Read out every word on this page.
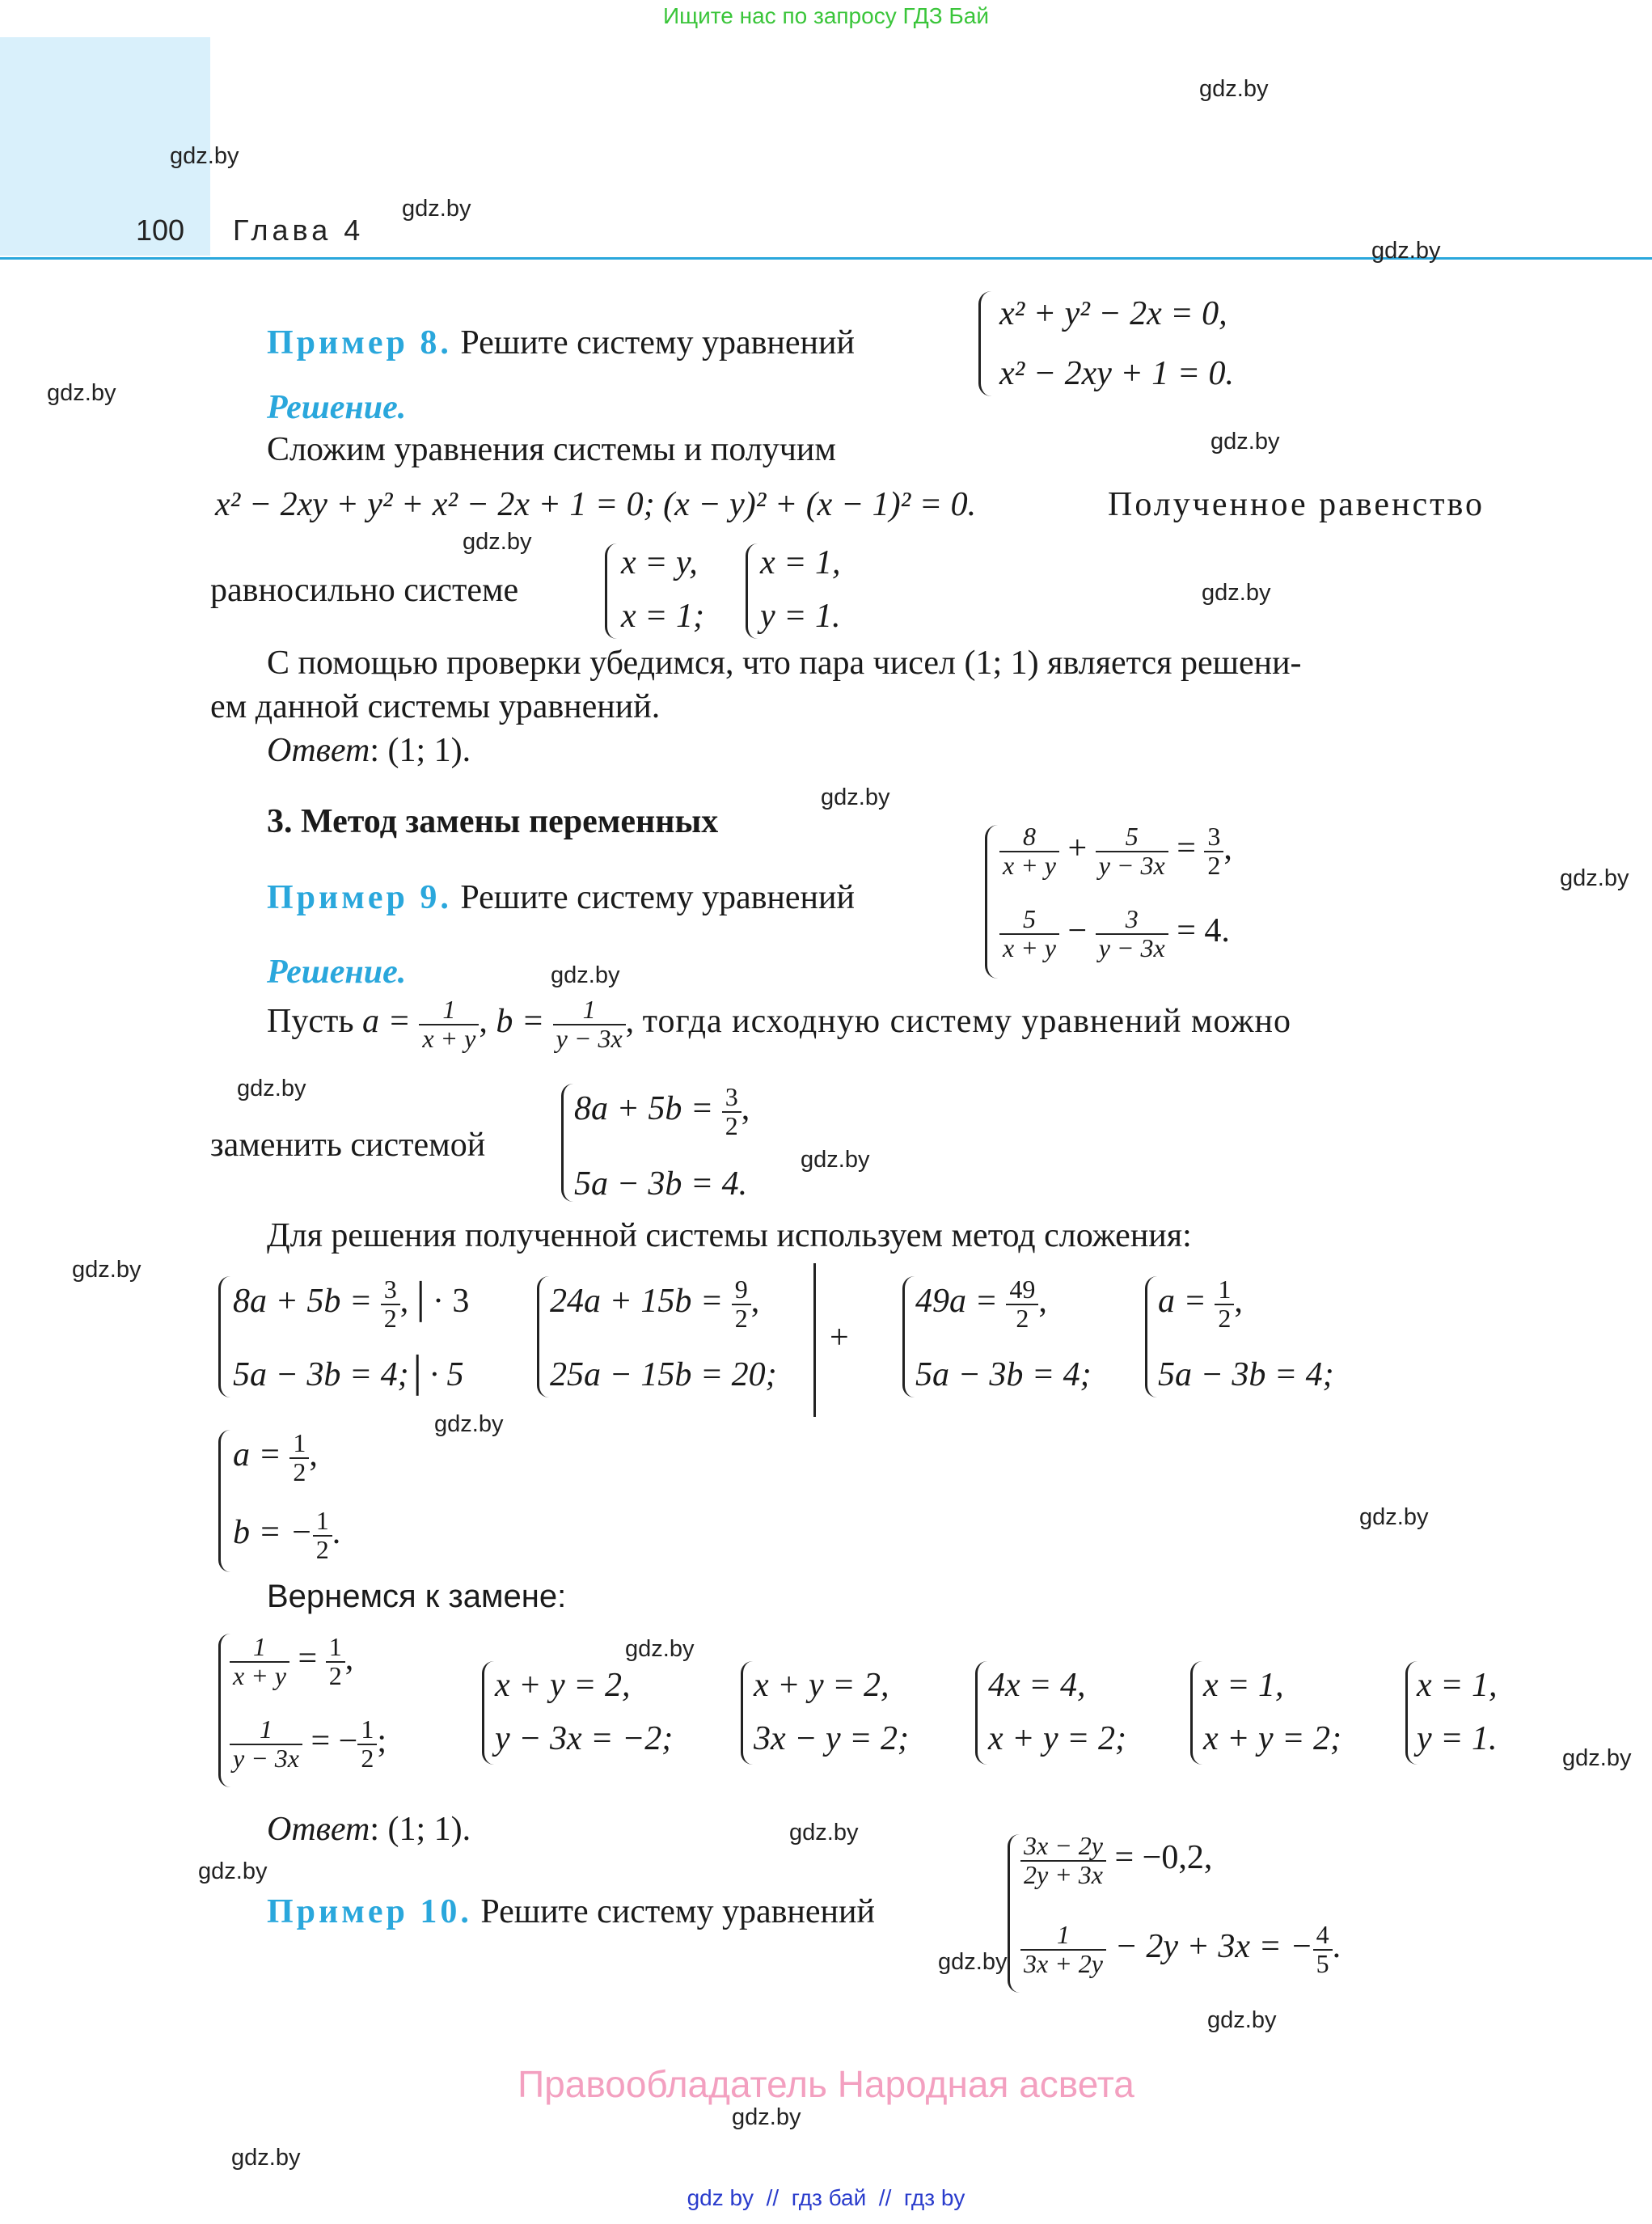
Ищите нас по запросу ГДЗ Бай
100 Глава 4
gdz.by
gdz.by
gdz.by
gdz.by
gdz.by
gdz.by
gdz.by
gdz.by
gdz.by
gdz.by
gdz.by
gdz.by
gdz.by
gdz.by
gdz.by
gdz.by
gdz.by
gdz.by
gdz.by
gdz.by
gdz.by
gdz.by
gdz.by
gdz.by
Пример 8. Решите систему уравнений
x² + y² − 2x = 0,
x² − 2xy + 1 = 0.
Решение.
Сложим уравнения системы и получим
x² − 2xy + y² + x² − 2x + 1 = 0; (x − y)² + (x − 1)² = 0.	Полученное равенство
равносильно системе
x = y,
x = 1;
x = 1,
y = 1.
С помощью проверки убедимся, что пара чисел (1; 1) является решени-
ем данной системы уравнений.
Ответ: (1; 1).
3. Метод замены переменных
Пример 9. Решите систему уравнений
$\frac{8}{x + y} + \frac{5}{y - 3x} = \frac{3}{2}$ ,
$\frac{5}{x + y} - \frac{3}{y - 3x} = 4$.
Решение.
Пусть $a = \frac{1}{x + y}$ , $b = \frac{1}{y - 3x}$ , тогда исходную систему уравнений можно
заменить системой
$8a + 5b = \frac{3}{2}$ ,
5a − 3b = 4.
Для решения полученной системы используем метод сложения:
$8a + 5b = \frac{3}{2}$ ,│· 3
5a − 3b = 4;│· 5
$24a + 15b = \frac{9}{2}$ ,
25a − 15b = 20;
+
$49a = \frac{49}{2}$ ,
5a − 3b = 4;
$a = \frac{1}{2}$ ,
5a − 3b = 4;
$a = \frac{1}{2}$ ,
b = − $\frac{1}{2}$ .
Вернемся к замене:
$\frac{1}{x + y} = \frac{1}{2}$ ,
$\frac{1}{y - 3x}$ = − $\frac{1}{2}$ ;
x + y = 2,
y − 3x = −2;
x + y = 2,
3x − y = 2;
4x = 4,
x + y = 2;
x = 1,
x + y = 2;
x = 1,
y = 1.
Ответ: (1; 1).
Пример 10. Решите систему уравнений
$\frac{3x - 2y}{2y + 3x} = -0,2$,
$\frac{1}{3x + 2y} - 2y + 3x$ = − $\frac{4}{5}$ .
Правообладатель Народная асвета
gdz by  //  гдз бай  //  гдз by
